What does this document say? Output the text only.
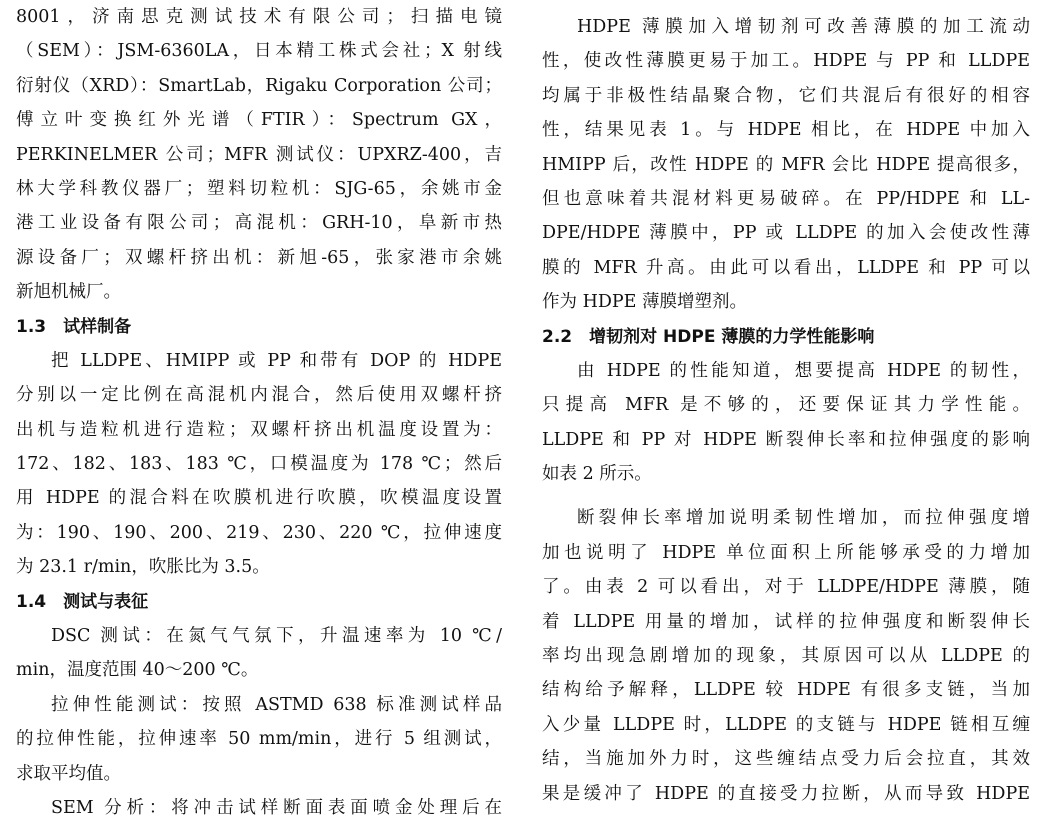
8001，济南思克测试技术有限公司；扫描电镜
（SEM）：JSM-6360LA，日本精工株式会社；X 射线
衍射仪（XRD）：SmartLab，Rigaku Corporation 公司；
傅立叶变换红外光谱（FTIR）：Spectrum GX，
PERKINELMER 公司；MFR 测试仪：UPXRZ-400，吉
林大学科教仪器厂；塑料切粒机：SJG-65，余姚市金
港工业设备有限公司；高混机：GRH-10，阜新市热
源设备厂；双螺杆挤出机：新旭-65，张家港市余姚
新旭机械厂。
1.3　试样制备
把 LLDPE、HMIPP 或 PP 和带有 DOP 的 HDPE
分别以一定比例在高混机内混合，然后使用双螺杆挤
出机与造粒机进行造粒；双螺杆挤出机温度设置为：
172、182、183、183 ℃，口模温度为 178 ℃；然后
用 HDPE 的混合料在吹膜机进行吹膜，吹模温度设置
为：190、190、200、219、230、220 ℃，拉伸速度
为 23.1 r/min，吹胀比为 3.5。
1.4　测试与表征
DSC 测试：在氮气气氛下，升温速率为 10 ℃/
min，温度范围 40～200 ℃。
拉伸性能测试：按照 ASTMD 638 标准测试样品
的拉伸性能，拉伸速率 50 mm/min，进行 5 组测试，
求取平均值。
SEM 分析：将冲击试样断面表面喷金处理后在
HDPE 薄膜加入增韧剂可改善薄膜的加工流动
性，使改性薄膜更易于加工。HDPE 与 PP 和 LLDPE
均属于非极性结晶聚合物，它们共混后有很好的相容
性，结果见表 1。与 HDPE 相比，在 HDPE 中加入
HMIPP 后，改性 HDPE 的 MFR 会比 HDPE 提高很多，
但也意味着共混材料更易破碎。在 PP/HDPE 和 LL-
DPE/HDPE 薄膜中，PP 或 LLDPE 的加入会使改性薄
膜的 MFR 升高。由此可以看出，LLDPE 和 PP 可以
作为 HDPE 薄膜增塑剂。
2.2　增韧剂对 HDPE 薄膜的力学性能影响
由 HDPE 的性能知道，想要提高 HDPE 的韧性，
只提高 MFR 是不够的，还要保证其力学性能。
LLDPE 和 PP 对 HDPE 断裂伸长率和拉伸强度的影响
如表 2 所示。
断裂伸长率增加说明柔韧性增加，而拉伸强度增
加也说明了 HDPE 单位面积上所能够承受的力增加
了。由表 2 可以看出，对于 LLDPE/HDPE 薄膜，随
着 LLDPE 用量的增加，试样的拉伸强度和断裂伸长
率均出现急剧增加的现象，其原因可以从 LLDPE 的
结构给予解释，LLDPE 较 HDPE 有很多支链，当加
入少量 LLDPE 时，LLDPE 的支链与 HDPE 链相互缠
结，当施加外力时，这些缠结点受力后会拉直，其效
果是缓冲了 HDPE 的直接受力拉断，从而导致 HDPE
